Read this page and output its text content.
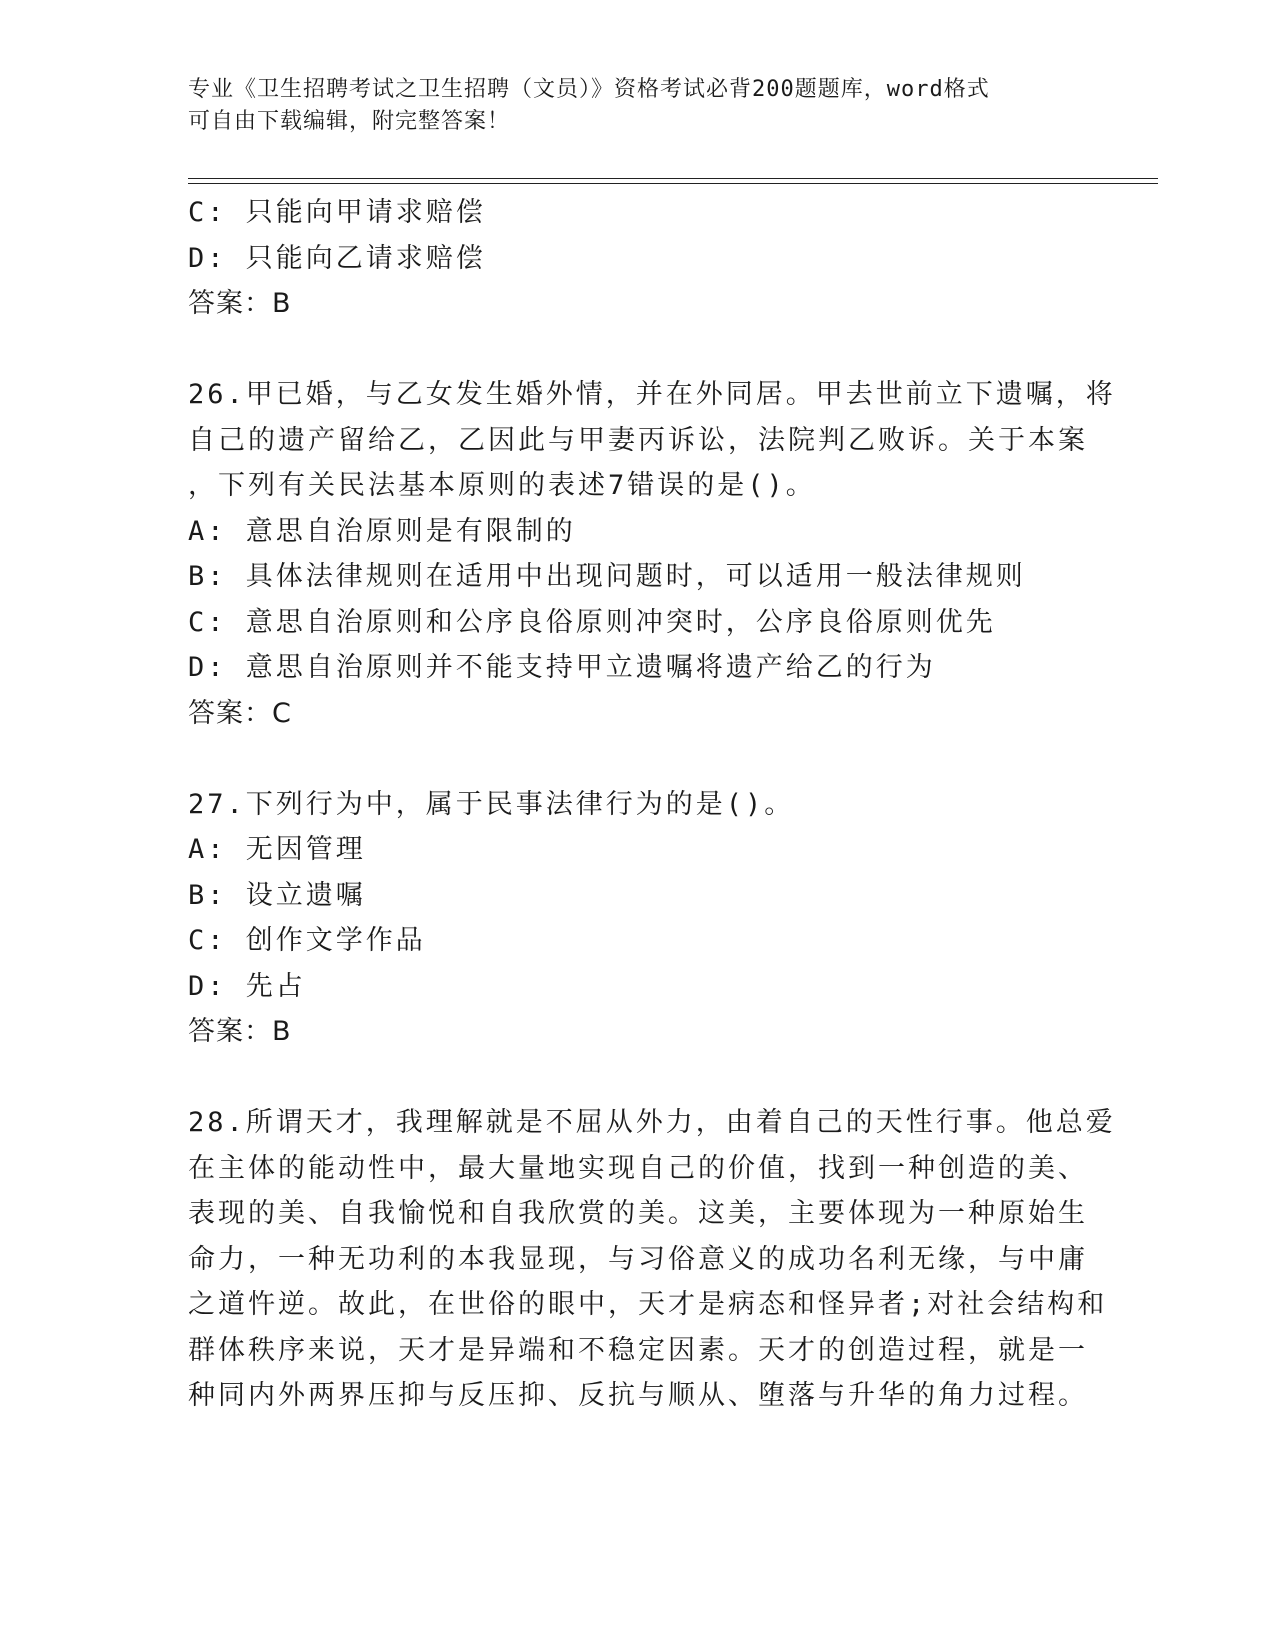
专业《卫生招聘考试之卫生招聘（文员）》资格考试必背200题题库，word格式
可自由下载编辑，附完整答案！
C: 只能向甲请求赔偿
D: 只能向乙请求赔偿
答案：B
26.甲已婚，与乙女发生婚外情，并在外同居。甲去世前立下遗嘱，将
自己的遗产留给乙，乙因此与甲妻丙诉讼，法院判乙败诉。关于本案
，下列有关民法基本原则的表述7错误的是()。
A: 意思自治原则是有限制的
B: 具体法律规则在适用中出现问题时，可以适用一般法律规则
C: 意思自治原则和公序良俗原则冲突时，公序良俗原则优先
D: 意思自治原则并不能支持甲立遗嘱将遗产给乙的行为
答案：C
27.下列行为中，属于民事法律行为的是()。
A: 无因管理
B: 设立遗嘱
C: 创作文学作品
D: 先占
答案：B
28.所谓天才，我理解就是不屈从外力，由着自己的天性行事。他总爱
在主体的能动性中，最大量地实现自己的价值，找到一种创造的美、
表现的美、自我愉悦和自我欣赏的美。这美，主要体现为一种原始生
命力，一种无功利的本我显现，与习俗意义的成功名利无缘，与中庸
之道忤逆。故此，在世俗的眼中，天才是病态和怪异者;对社会结构和
群体秩序来说，天才是异端和不稳定因素。天才的创造过程，就是一
种同内外两界压抑与反压抑、反抗与顺从、堕落与升华的角力过程。
